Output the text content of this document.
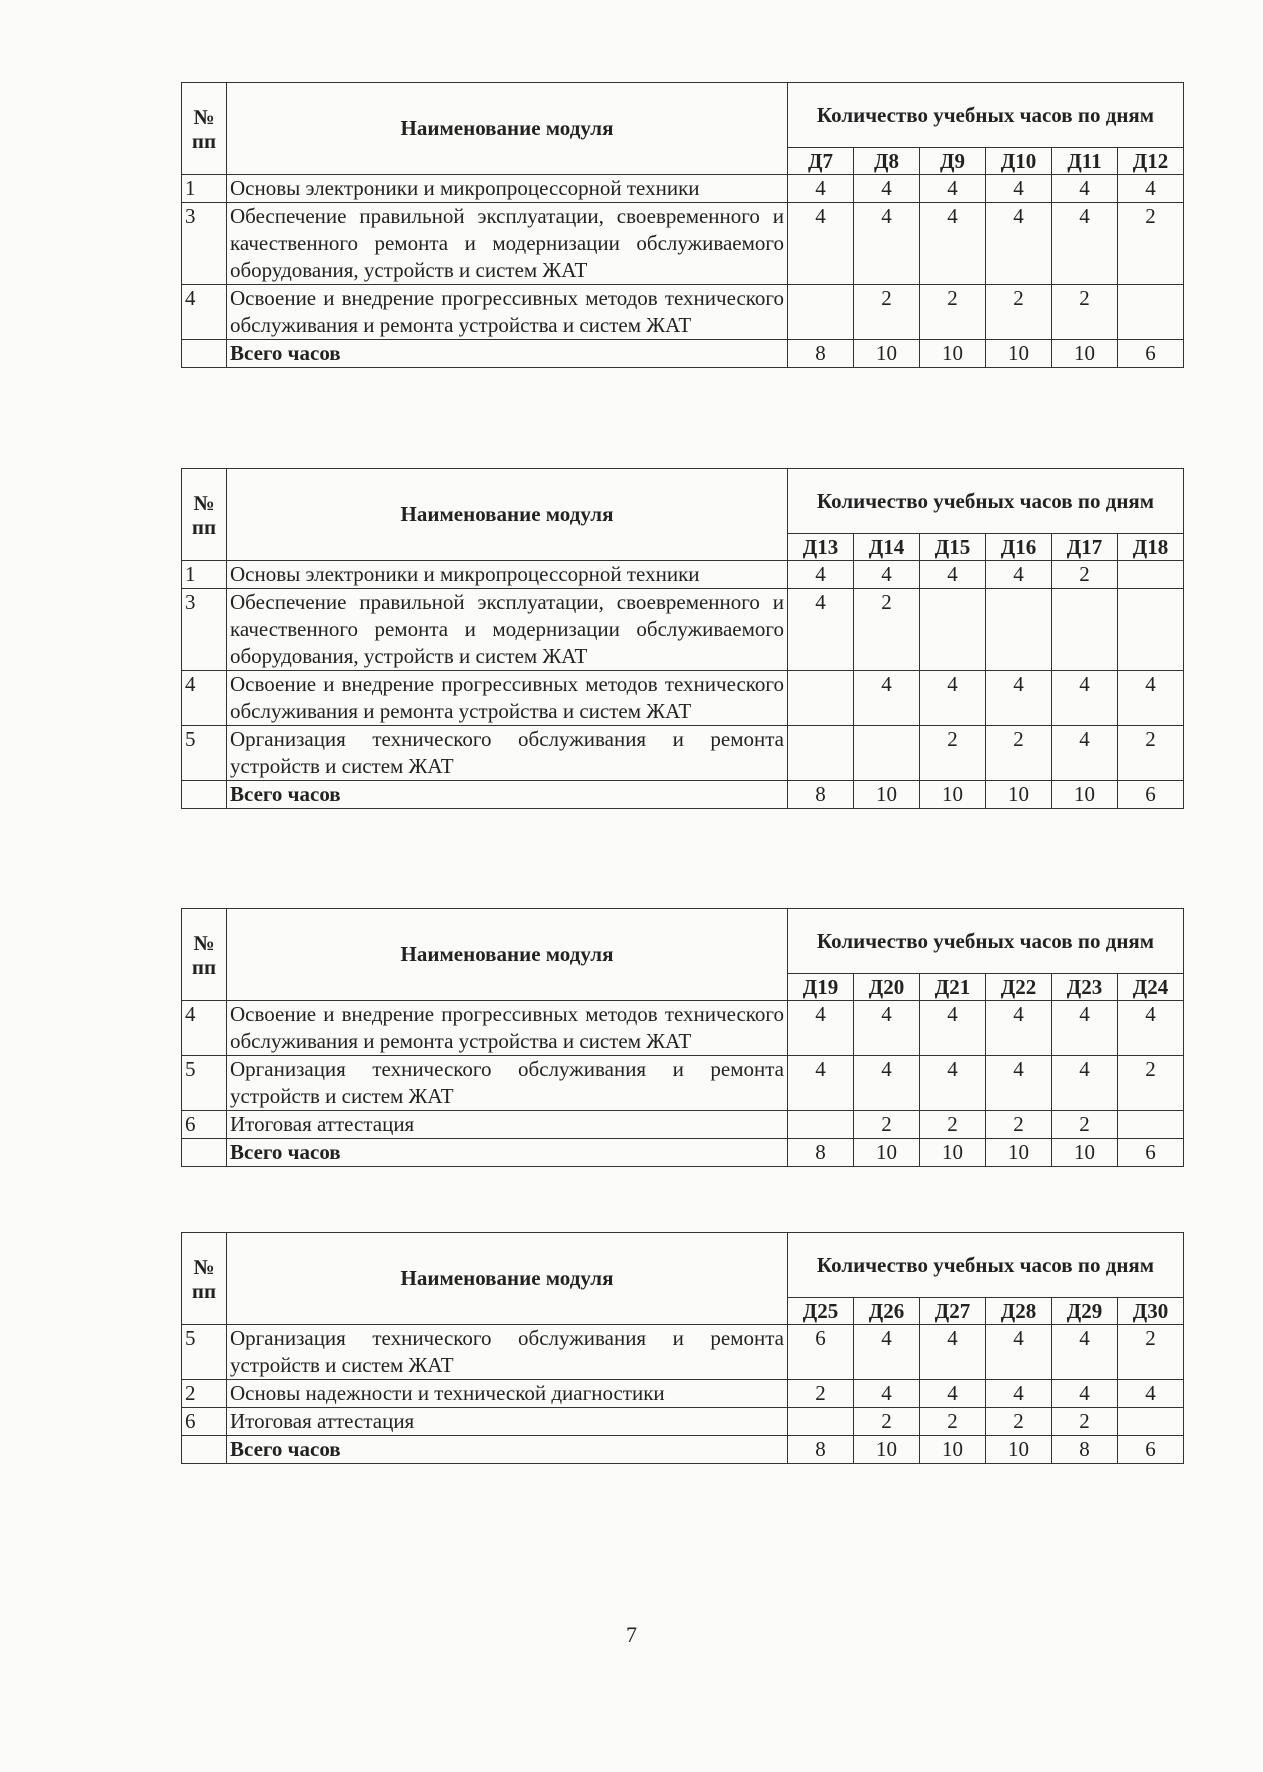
№ пп	Наименование модуля	Количество учебных часов по дням					
		Д7	Д8	Д9	Д10	Д11	Д12
1	Основы электроники и микропроцессорной техники	4	4	4	4	4	4
3	Обеспечение правильной эксплуатации, своевременного и качественного ремонта и модернизации обслуживаемого оборудования, устройств и систем ЖАТ	4	4	4	4	4	2
4	Освоение и внедрение прогрессивных методов технического обслуживания и ремонта устройства и систем ЖАТ		2	2	2	2	
	Всего часов	8	10	10	10	10	6
№ пп	Наименование модуля	Количество учебных часов по дням					
		Д13	Д14	Д15	Д16	Д17	Д18
1	Основы электроники и микропроцессорной техники	4	4	4	4	2	
3	Обеспечение правильной эксплуатации, своевременного и качественного ремонта и модернизации обслуживаемого оборудования, устройств и систем ЖАТ	4	2				
4	Освоение и внедрение прогрессивных методов технического обслуживания и ремонта устройства и систем ЖАТ		4	4	4	4	4
5	Организация технического обслуживания и ремонта устройств и систем ЖАТ			2	2	4	2
	Всего часов	8	10	10	10	10	6
№ пп	Наименование модуля	Количество учебных часов по дням					
		Д19	Д20	Д21	Д22	Д23	Д24
4	Освоение и внедрение прогрессивных методов технического обслуживания и ремонта устройства и систем ЖАТ	4	4	4	4	4	4
5	Организация технического обслуживания и ремонта устройств и систем ЖАТ	4	4	4	4	4	2
6	Итоговая аттестация		2	2	2	2	
	Всего часов	8	10	10	10	10	6
№ пп	Наименование модуля	Количество учебных часов по дням					
		Д25	Д26	Д27	Д28	Д29	Д30
5	Организация технического обслуживания и ремонта устройств и систем ЖАТ	6	4	4	4	4	2
2	Основы надежности и технической диагностики	2	4	4	4	4	4
6	Итоговая аттестация		2	2	2	2	
	Всего часов	8	10	10	10	8	6
7
